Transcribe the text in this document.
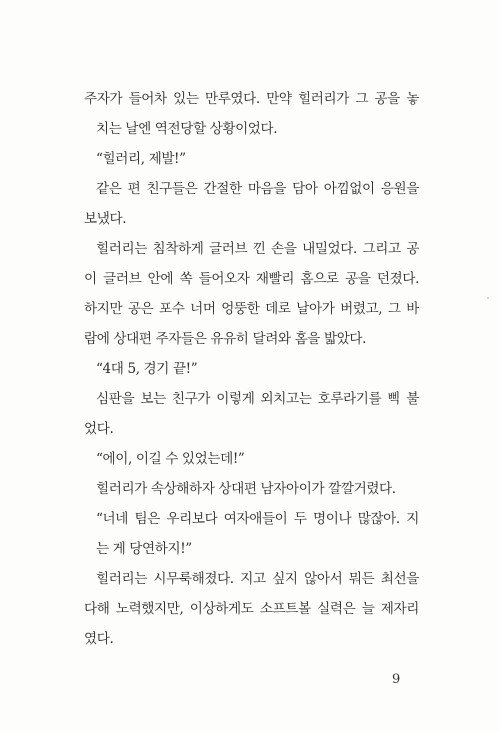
주자가 들어차 있는 만루였다. 만약 힐러리가 그 공을 놓
치는 날엔 역전당할 상황이었다.
“힐러리, 제발!”
같은 편 친구들은 간절한 마음을 담아 아낌없이 응원을
보냈다.
힐러리는 침착하게 글러브 낀 손을 내밀었다. 그리고 공
이 글러브 안에 쏙 들어오자 재빨리 홈으로 공을 던졌다.
하지만 공은 포수 너머 엉뚱한 데로 날아가 버렸고, 그 바
람에 상대편 주자들은 유유히 달려와 홈을 밟았다.
“4대 5, 경기 끝!”
심판을 보는 친구가 이렇게 외치고는 호루라기를 삑 불
었다.
“에이, 이길 수 있었는데!”
힐러리가 속상해하자 상대편 남자아이가 깔깔거렸다.
“너네 팀은 우리보다 여자애들이 두 명이나 많잖아. 지
는 게 당연하지!”
힐러리는 시무룩해졌다. 지고 싶지 않아서 뭐든 최선을
다해 노력했지만, 이상하게도 소프트볼 실력은 늘 제자리
였다.
9
